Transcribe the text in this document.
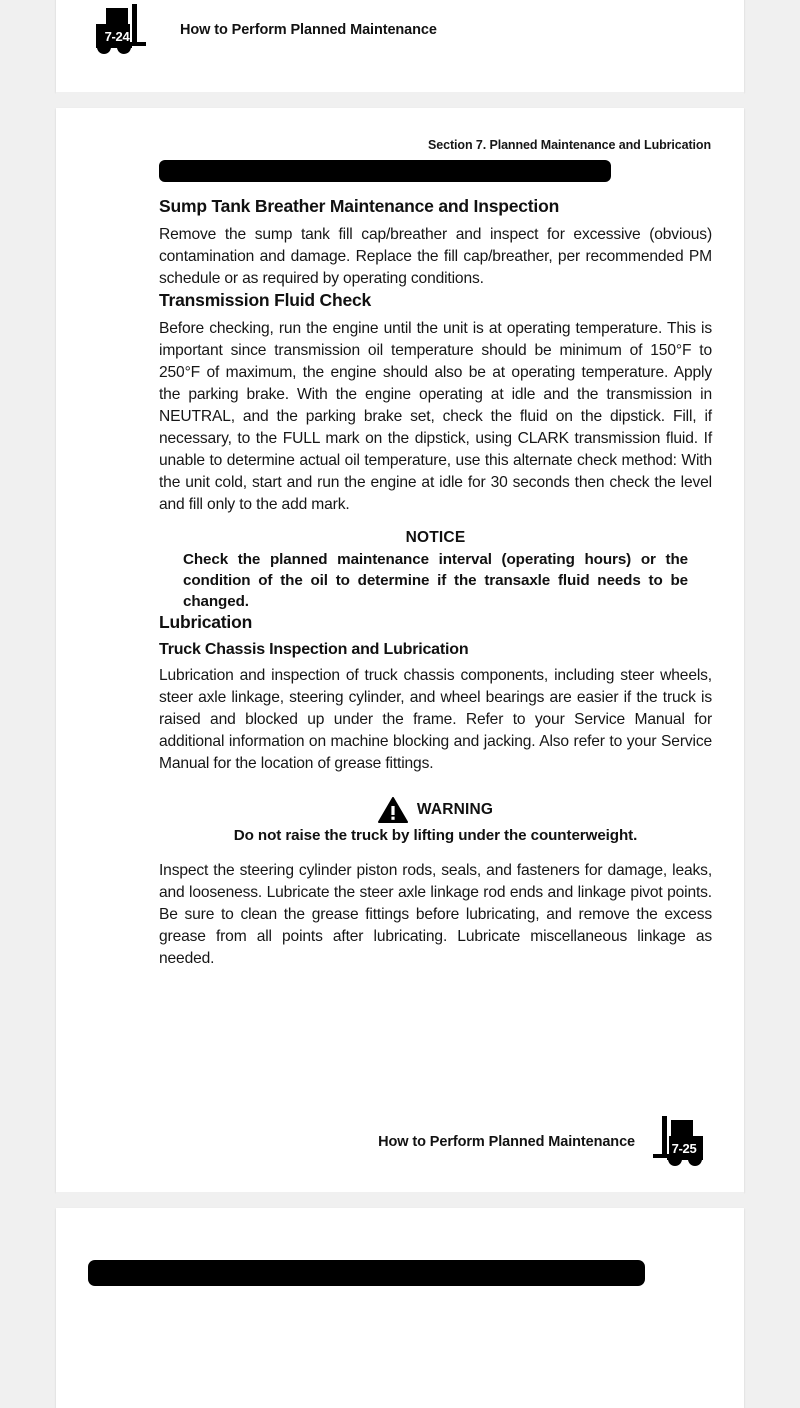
7-24	How to Perform Planned Maintenance
Section 7. Planned Maintenance and Lubrication
Sump Tank Breather Maintenance and Inspection

Remove the sump tank fill cap/breather and inspect for excessive (obvious) contamination and damage. Replace the fill cap/breather, per recommended PM schedule or as required by operating conditions.

Transmission Fluid Check

Before checking, run the engine until the unit is at operating temperature. This is important since transmission oil temperature should be minimum of 150°F to 250°F of maximum, the engine should also be at operating temperature. Apply the parking brake. With the engine operating at idle and the transmission in NEUTRAL, and the parking brake set, check the fluid on the dipstick. Fill, if necessary, to the FULL mark on the dipstick, using CLARK transmission fluid. If unable to determine actual oil temperature, use this alternate check method: With the unit cold, start and run the engine at idle for 30 seconds then check the level and fill only to the add mark.

NOTICE
Check the planned maintenance interval (operating hours) or the condition of the oil to determine if the transaxle fluid needs to be changed.
Lubrication
Truck Chassis Inspection and Lubrication

Lubrication and inspection of truck chassis components, including steer wheels, steer axle linkage, steering cylinder, and wheel bearings are easier if the truck is raised and blocked up under the frame. Refer to your Service Manual for additional information on machine blocking and jacking. Also refer to your Service Manual for the location of grease fittings.

WARNING
Do not raise the truck by lifting under the counterweight.

Inspect the steering cylinder piston rods, seals, and fasteners for damage, leaks, and looseness. Lubricate the steer axle linkage rod ends and linkage pivot points. Be sure to clean the grease fittings before lubricating, and remove the excess grease from all points after lubricating. Lubricate miscellaneous linkage as needed.

How to Perform Planned Maintenance	7-25
